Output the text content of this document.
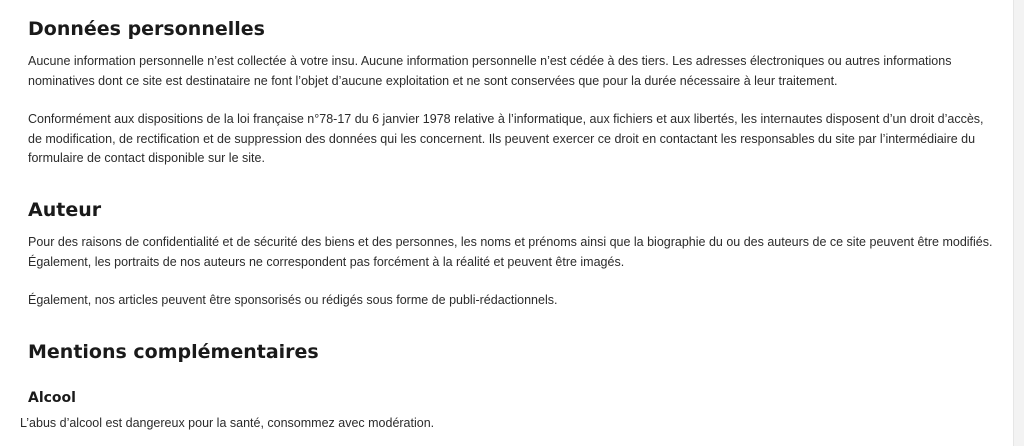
Données personnelles

Aucune information personnelle n’est collectée à votre insu. Aucune information personnelle n’est cédée à des tiers. Les adresses électroniques ou autres informations nominatives dont ce site est destinataire ne font l’objet d’aucune exploitation et ne sont conservées que pour la durée nécessaire à leur traitement.

Conformément aux dispositions de la loi française n°78-17 du 6 janvier 1978 relative à l’informatique, aux fichiers et aux libertés, les internautes disposent d’un droit d’accès, de modification, de rectification et de suppression des données qui les concernent. Ils peuvent exercer ce droit en contactant les responsables du site par l’intermédiaire du formulaire de contact disponible sur le site.

Auteur

Pour des raisons de confidentialité et de sécurité des biens et des personnes, les noms et prénoms ainsi que la biographie du ou des auteurs de ce site peuvent être modifiés. Également, les portraits de nos auteurs ne correspondent pas forcément à la réalité et peuvent être imagés.

Également, nos articles peuvent être sponsorisés ou rédigés sous forme de publi-rédactionnels.

Mentions complémentaires
Alcool

L’abus d’alcool est dangereux pour la santé, consommez avec modération.
